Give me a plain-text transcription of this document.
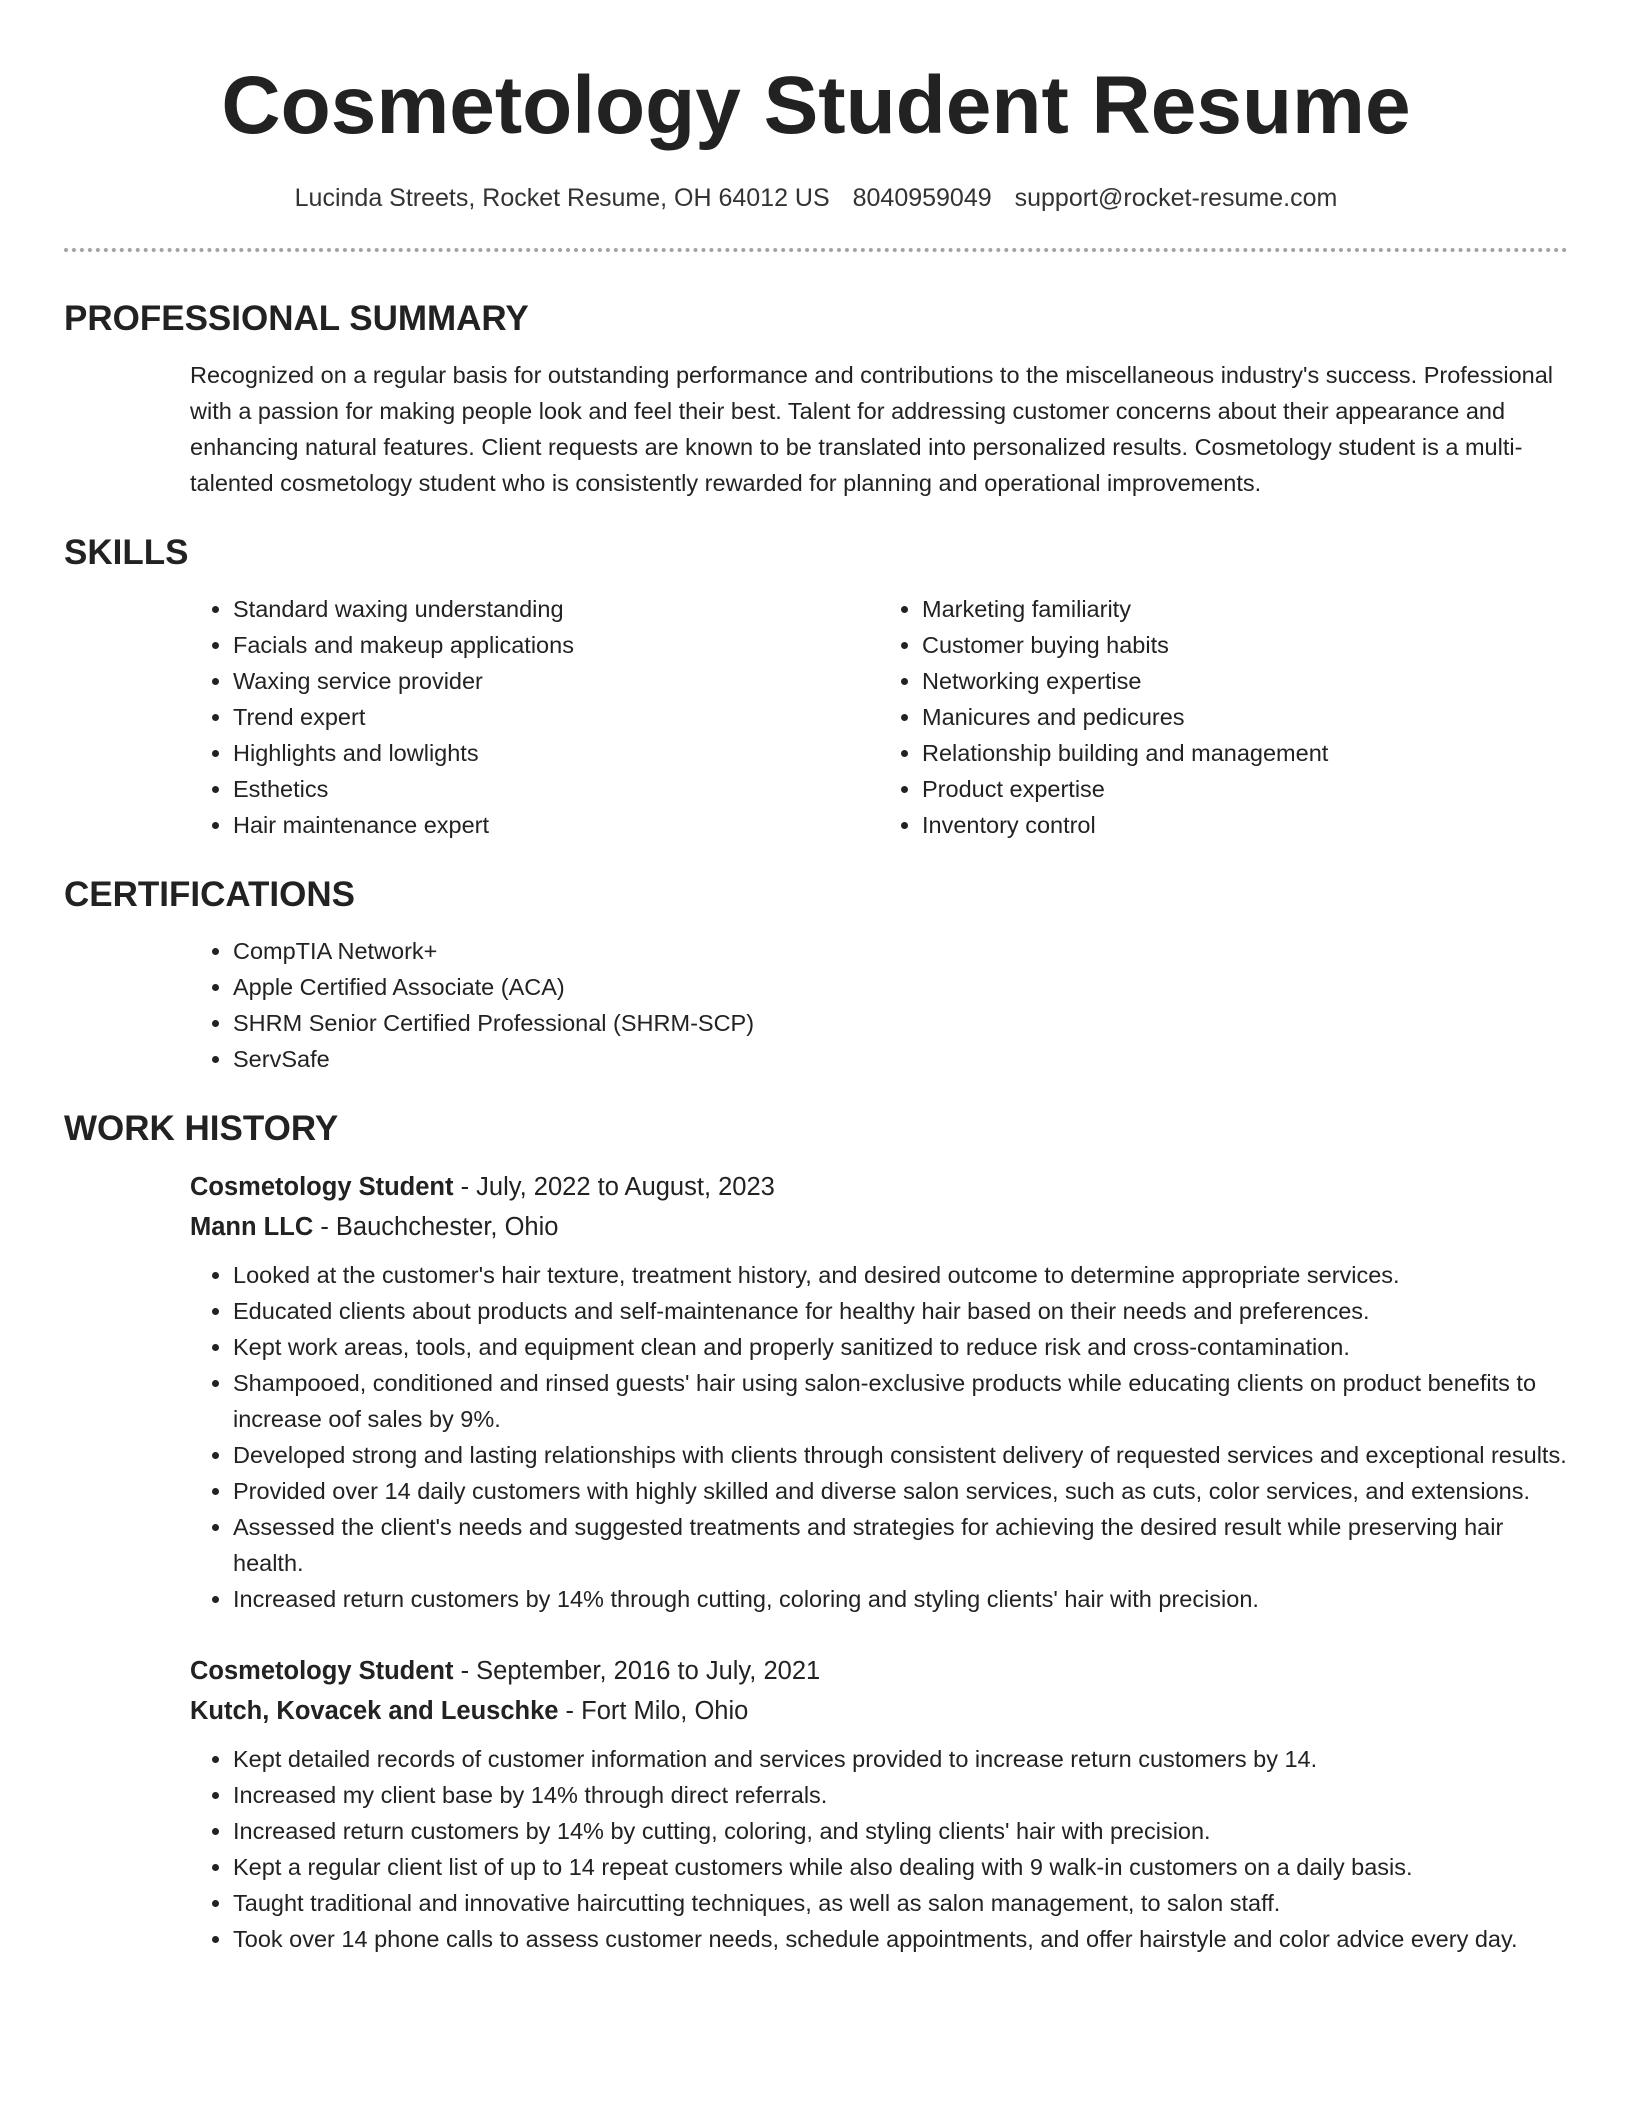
Cosmetology Student Resume
Lucinda Streets, Rocket Resume, OH 64012 US 8040959049 support@rocket-resume.com
PROFESSIONAL SUMMARY

Recognized on a regular basis for outstanding performance and contributions to the miscellaneous industry's success. Professional with a passion for making people look and feel their best. Talent for addressing customer concerns about their appearance and enhancing natural features. Client requests are known to be translated into personalized results. Cosmetology student is a multi-talented cosmetology student who is consistently rewarded for planning and operational improvements.

SKILLS
• Standard waxing understanding
• Facials and makeup applications
• Waxing service provider
• Trend expert
• Highlights and lowlights
• Esthetics
• Hair maintenance expert
• Marketing familiarity
• Customer buying habits
• Networking expertise
• Manicures and pedicures
• Relationship building and management
• Product expertise
• Inventory control
CERTIFICATIONS
• CompTIA Network+
• Apple Certified Associate (ACA)
• SHRM Senior Certified Professional (SHRM-SCP)
• ServSafe
WORK HISTORY
Cosmetology Student - July, 2022 to August, 2023
Mann LLC - Bauchchester, Ohio
• Looked at the customer's hair texture, treatment history, and desired outcome to determine appropriate services.
• Educated clients about products and self-maintenance for healthy hair based on their needs and preferences.
• Kept work areas, tools, and equipment clean and properly sanitized to reduce risk and cross-contamination.
• Shampooed, conditioned and rinsed guests' hair using salon-exclusive products while educating clients on product benefits to increase oof sales by 9%.
• Developed strong and lasting relationships with clients through consistent delivery of requested services and exceptional results.
• Provided over 14 daily customers with highly skilled and diverse salon services, such as cuts, color services, and extensions.
• Assessed the client's needs and suggested treatments and strategies for achieving the desired result while preserving hair health.
• Increased return customers by 14% through cutting, coloring and styling clients' hair with precision.
Cosmetology Student - September, 2016 to July, 2021
Kutch, Kovacek and Leuschke - Fort Milo, Ohio
• Kept detailed records of customer information and services provided to increase return customers by 14.
• Increased my client base by 14% through direct referrals.
• Increased return customers by 14% by cutting, coloring, and styling clients' hair with precision.
• Kept a regular client list of up to 14 repeat customers while also dealing with 9 walk-in customers on a daily basis.
• Taught traditional and innovative haircutting techniques, as well as salon management, to salon staff.
• Took over 14 phone calls to assess customer needs, schedule appointments, and offer hairstyle and color advice every day.
